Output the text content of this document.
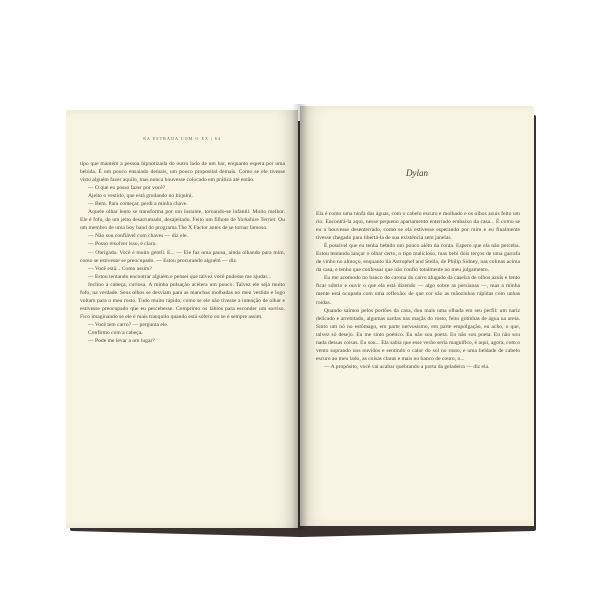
NA ESTRADA COM O EX | 64

tipo que mantém a pessoa hipnotizada do outro lado de um bar, enquanto espera por uma bebida. É um pouco ensaiado demais, um pouco proposital demais. Como se ele tivesse visto alguém fazer aquilo, mas nunca houvesse colocado em prática até então.

— O que eu posso fazer por você?

Ajeito o vestido, que está grudando no biquíni.

— Bem. Para começar, perdi a minha chave.

Aquele olhar lento se transforma por um instante, tornando-se infantil. Muito melhor. Ele é fofo, de um jeito desarrumado, desajeitado. Feito um filhote de Yorkshire Terrier. Ou um membro de uma boy band do programa The X Factor antes de se tornar famoso.

— Não sou confiável com chaves — diz ele.

— Posso resolver isso, é claro.

— Obrigado. Você é muito gentil. E... — Ele faz uma pausa, ainda olhando para mim, como se estivesse se preocupado. — Estou procurando alguém — diz.

— Você está... Como assim?

— Estou tentando encontrar alguém e pensei que talvez você pudesse me ajudar...

Inclino a cabeça, curiosa. A minha pulsação acelera um pouco. Talvez ele seja muito fofo, na verdade. Seus olhos se desviam para as manchas molhadas no meu vestido e logo voltam para o meu rosto. Tudo muito rápido, como se ele não tivesse a intenção de olhar e estivesse preocupado que eu percebesse. Comprimo os lábios para esconder um sorriso. Fico imaginando se ele é mais tranquilo quando está sóbrio ou se é sempre assim.

— Você tem carro? — pergunta ele.

Confirmo com a cabeça.

— Pode me levar a um lugar?

Dylan

Ela é como uma ninfa das águas, com o cabelo escuro e molhado e os olhos azuis feito um rio. Encontrá-la aqui, nesse pequeno apartamento enterrado embaixo da casa... É como se eu a houvesse desenterrado, como se ela estivesse esperando por mim e eu finalmente tivesse chegado para libertá-la de sua existência sem janelas.

É possível que eu tenha bebido um pouco além da conta. Espero que ela não perceba. Estou tentando lançar o olhar certo, o tipo malicioso, mas bebi dois terços de uma garrafa de vinho no almoço, enquanto lia Astrophel and Stella, de Philip Sidney, nas colinas acima da casa, e tenho que confessar que não confio totalmente no meu julgamento.

Eu me acomodo no banco do carona do carro alugado da caseira de olhos azuis e tento ficar sóbrio e ouvir o que ela está dizendo — algo sobre as persianas —, mas a minha mente está ocupada com uma reflexão: de que cor são as mãozinhas rápidas com unhas roídas.

Quando saímos pelos portões da casa, dou mais uma olhada em seu perfil: um nariz delicado e arrebitado, algumas sardas nas maçãs do rosto, feito gotinhas de água na areia. Sinto um nó no estômago, em parte nervosismo, em parte empolgação, eu acho, o que, talvez só desejo. Eu me sinto poético. Eu não sou poeta. Eu não sou poeta. Eu não sou nada dessas coisas. Eu sou... Ela sabia que esse verão seria magnífico, é aqui, agora, com o vento soprando nos ouvidos e sentindo o calor do sol no rosto, e uma beldade de cabelo escuro ao meu lado, as coisas claras e mais no banco de couro, o...

— A propósito, você vai acabar quebrando a porta da geladeira — diz ela.
